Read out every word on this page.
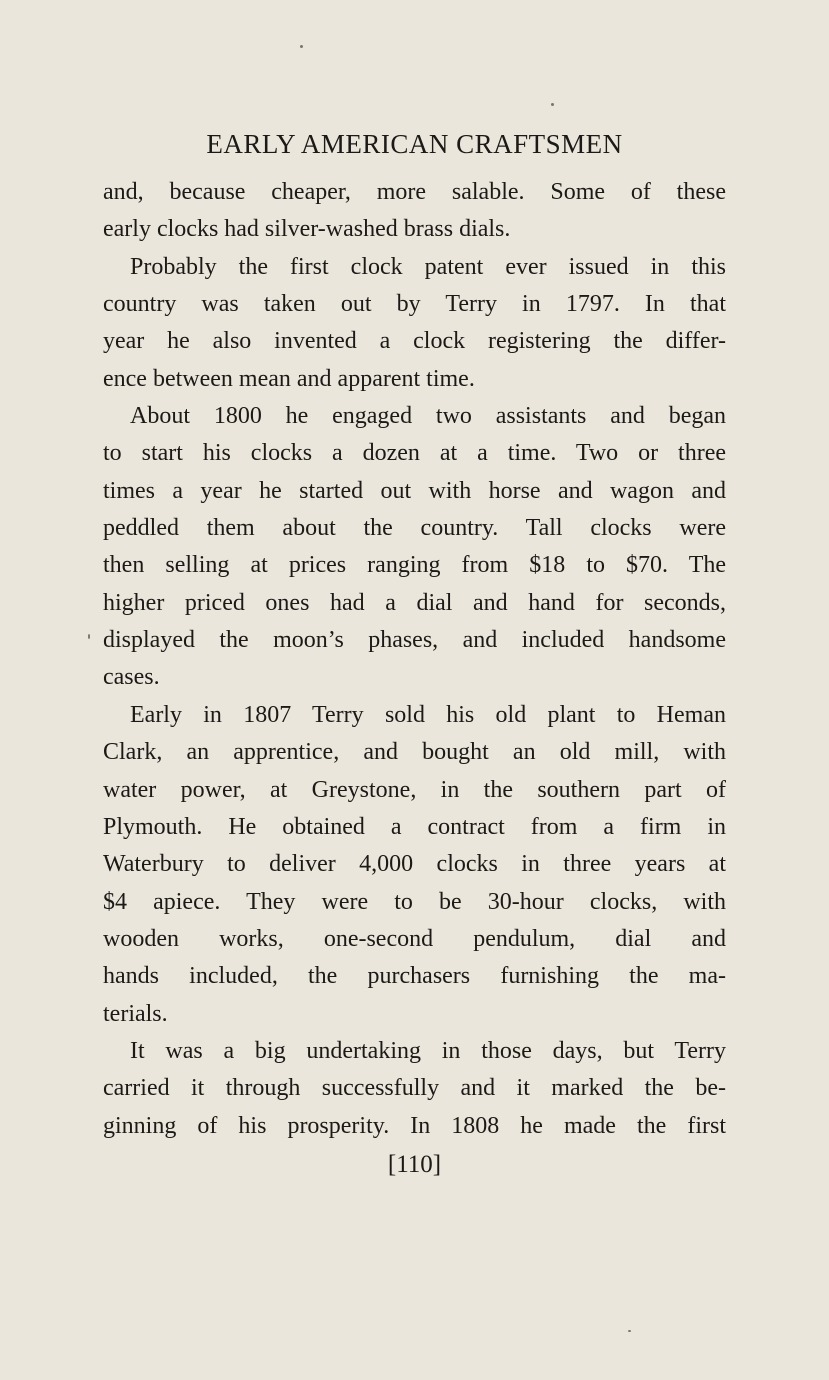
EARLY AMERICAN CRAFTSMEN
and, because cheaper, more salable. Some of these
early clocks had silver-washed brass dials.
Probably the first clock patent ever issued in this
country was taken out by Terry in 1797. In that
year he also invented a clock registering the differ-
ence between mean and apparent time.
About 1800 he engaged two assistants and began
to start his clocks a dozen at a time. Two or three
times a year he started out with horse and wagon and
peddled them about the country. Tall clocks were
then selling at prices ranging from $18 to $70. The
higher priced ones had a dial and hand for seconds,
displayed the moon’s phases, and included handsome
cases.
Early in 1807 Terry sold his old plant to Heman
Clark, an apprentice, and bought an old mill, with
water power, at Greystone, in the southern part of
Plymouth. He obtained a contract from a firm in
Waterbury to deliver 4,000 clocks in three years at
$4 apiece. They were to be 30-hour clocks, with
wooden works, one-second pendulum, dial and
hands included, the purchasers furnishing the ma-
terials.
It was a big undertaking in those days, but Terry
carried it through successfully and it marked the be-
ginning of his prosperity. In 1808 he made the first
[110]
